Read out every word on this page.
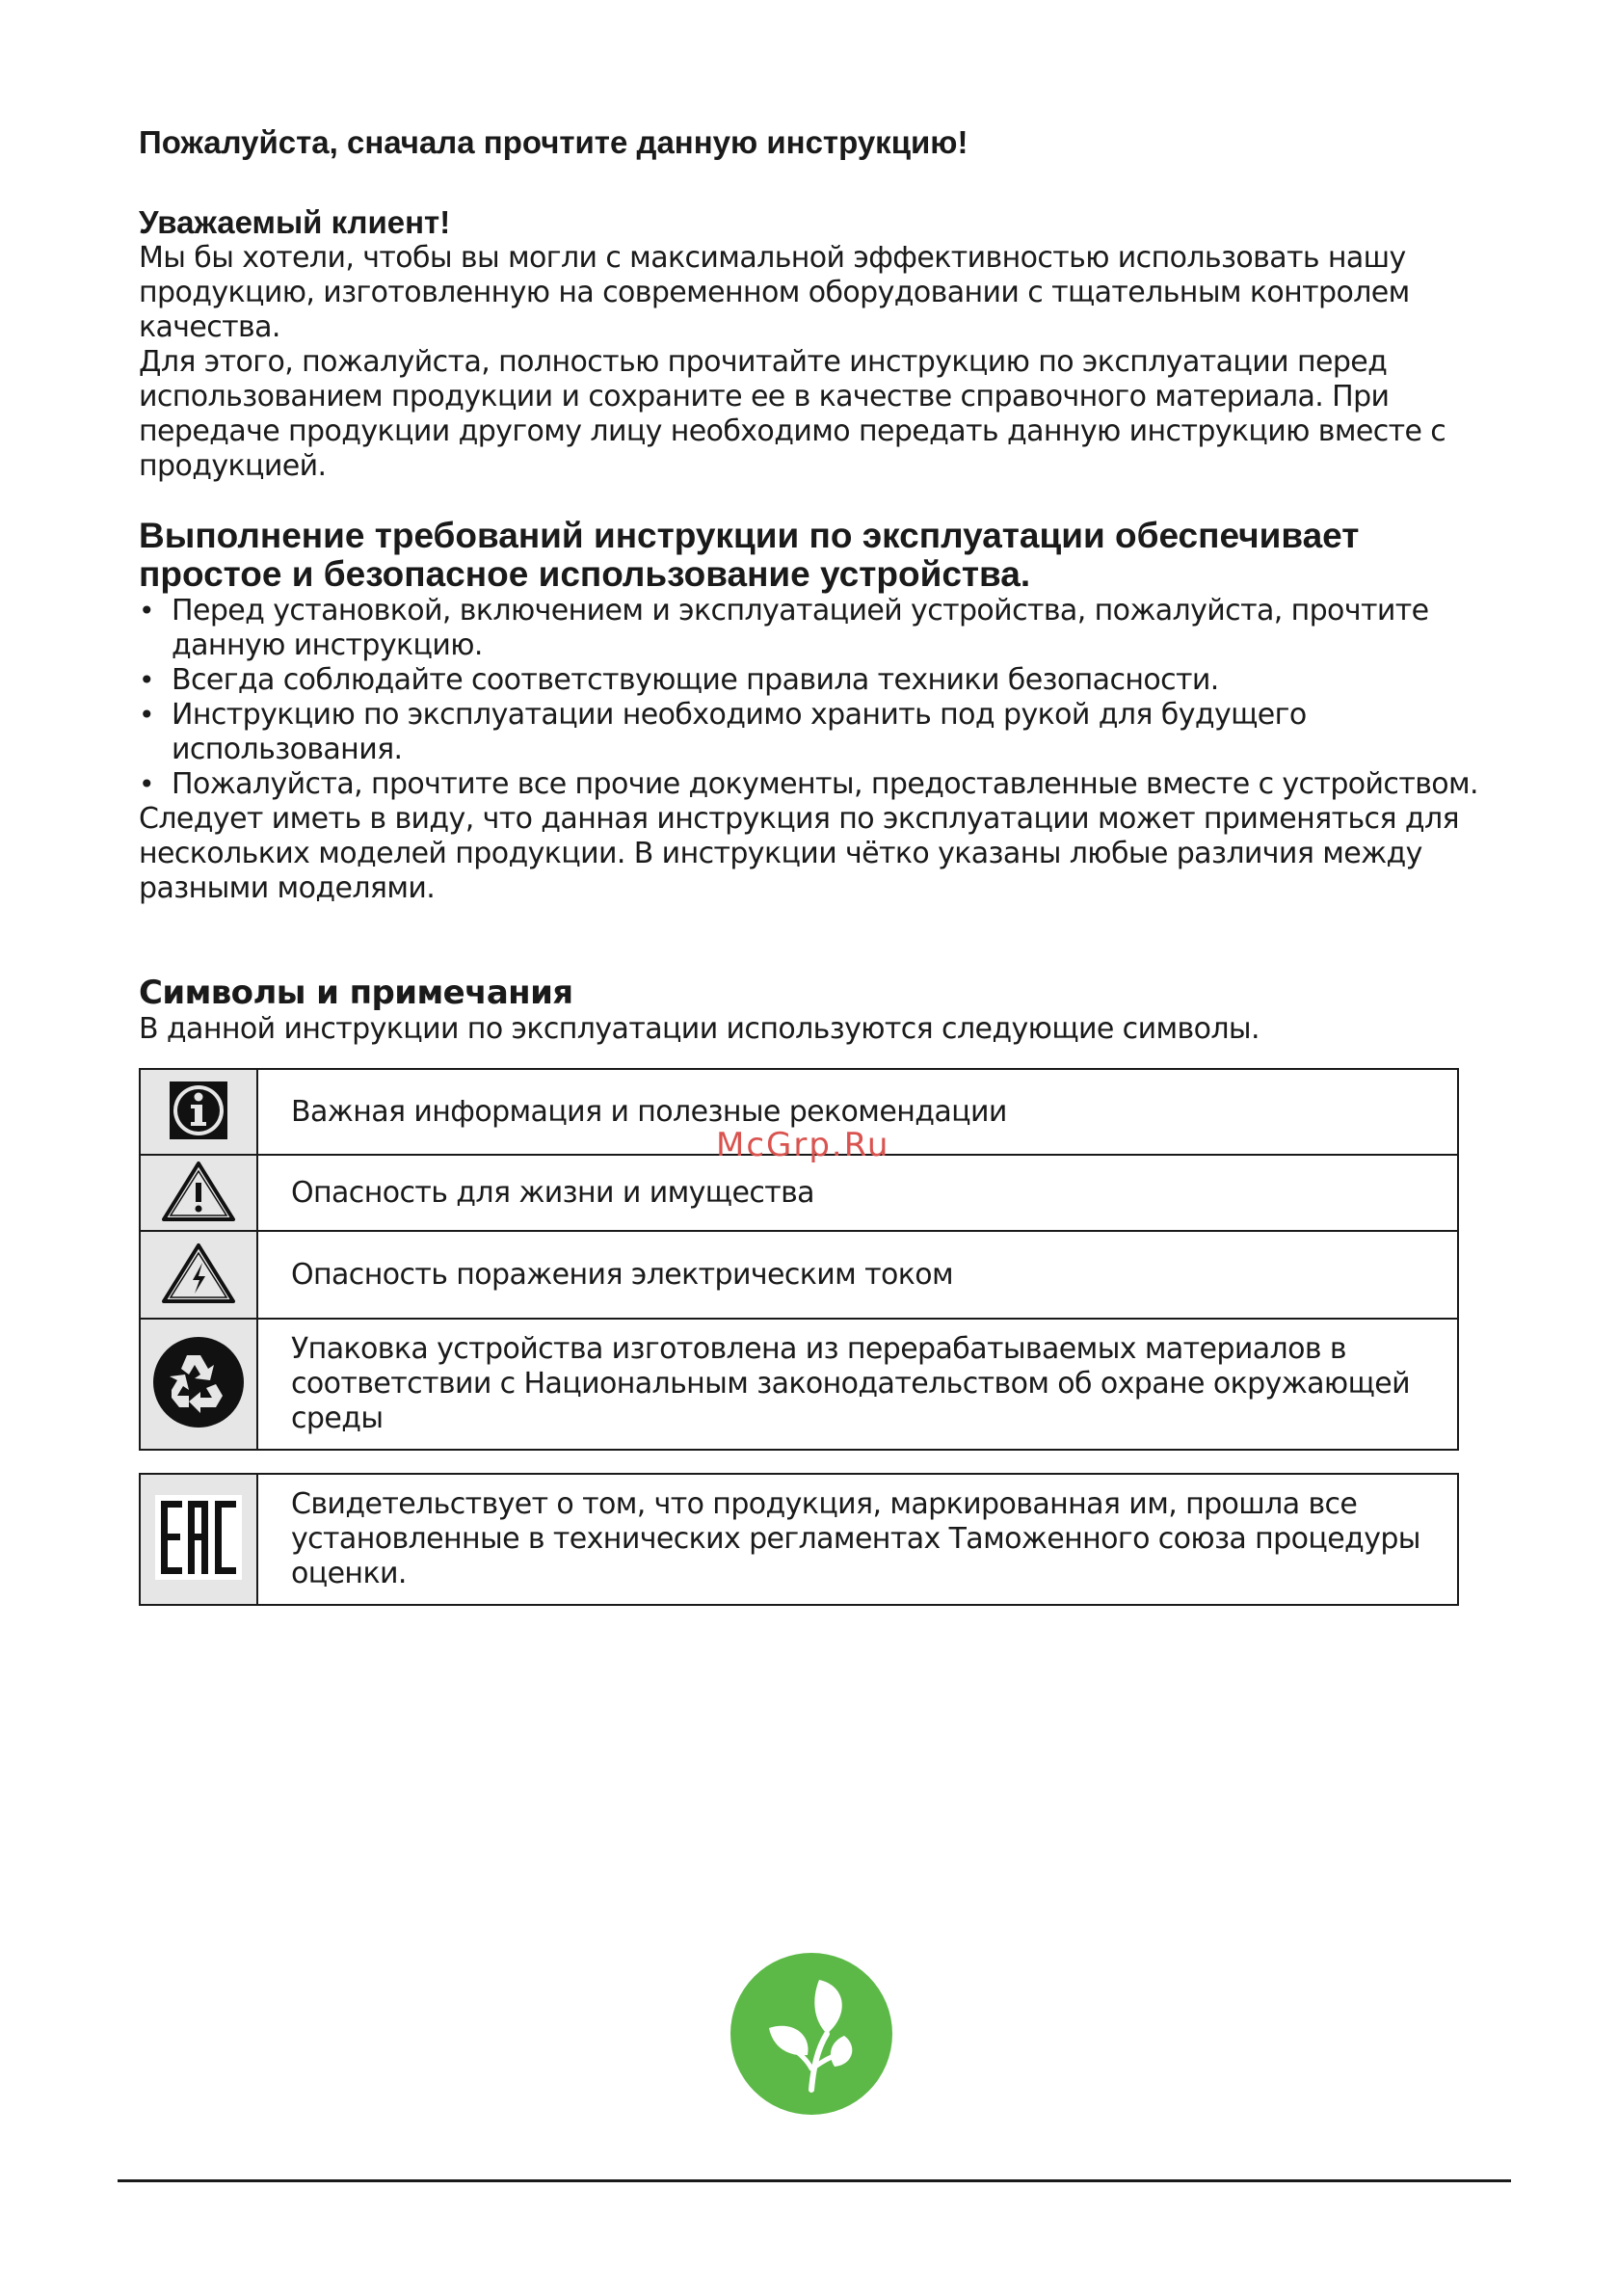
Пожалуйста, сначала прочтите данную инструкцию!
Уважаемый клиент!

Мы бы хотели, чтобы вы могли с максимальной эффективностью использовать нашу продукцию, изготовленную на современном оборудовании с тщательным контролем качества.

Для этого, пожалуйста, полностью прочитайте инструкцию по эксплуатации перед использованием продукции и сохраните ее в качестве справочного материала. При передаче продукции другому лицу необходимо передать данную инструкцию вместе с продукцией.

Выполнение требований инструкции по эксплуатации обеспечивает простое и безопасное использование устройства.
• Перед установкой, включением и эксплуатацией устройства, пожалуйста, прочтите данную инструкцию.
• Всегда соблюдайте соответствующие правила техники безопасности.
• Инструкцию по эксплуатации необходимо хранить под рукой для будущего использования.
• Пожалуйста, прочтите все прочие документы, предоставленные вместе с устройством.

Следует иметь в виду, что данная инструкция по эксплуатации может применяться для нескольких моделей продукции. В инструкции чётко указаны любые различия между разными моделями.

Символы и примечания

В данной инструкции по эксплуатации используются следующие символы.

	Важная информация и полезные рекомендации
	Опасность для жизни и имущества
	Опасность поражения электрическим током
	Упаковка устройства изготовлена из перерабатываемых материалов в соответствии с Национальным законодательством об охране окружающей среды
	Свидетельствует о том, что продукция, маркированная им, прошла все установленные в технических регламентах Таможенного союза процедуры оценки.
McGrp.Ru
